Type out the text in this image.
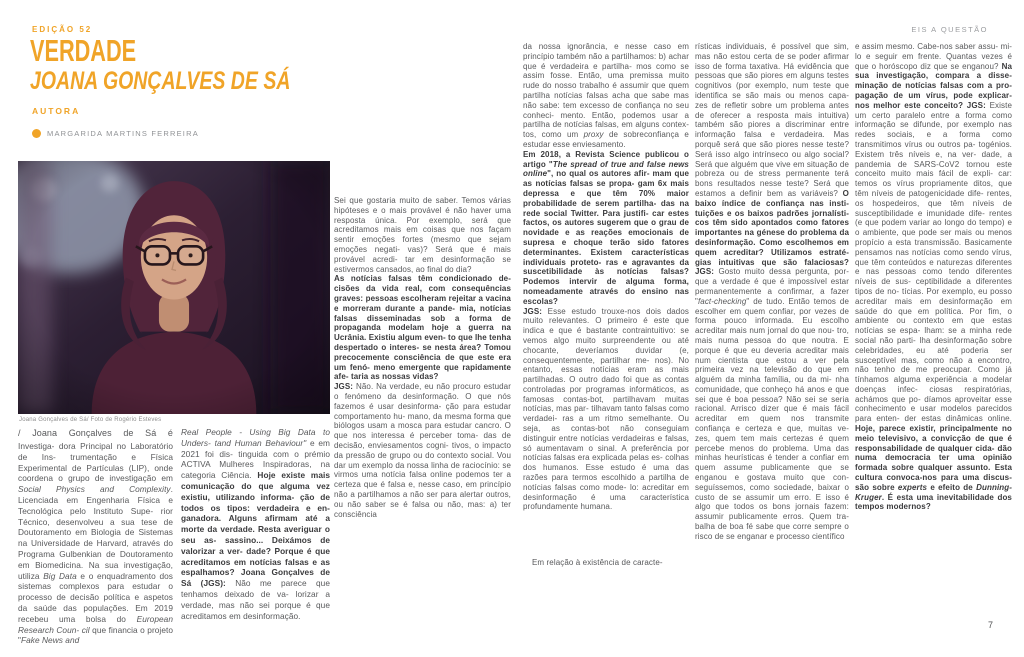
EDIÇÃO 52
VERDADE
JOANA GONÇALVES DE SÁ
AUTORA
MARGARIDA MARTINS FERREIRA
EIS A QUESTÃO
Joana Gonçalves de Sá/ Foto de Rogério Esteves

/ Joana Gonçalves de Sá é

Investiga- dora Principal no Laboratório de Ins- trumentação e Física Experimental de Partículas (LIP), onde coordena o grupo de investigação em Social Physics and Complexity. Licenciada em Engenharia Física e Tecnológica pelo Instituto Supe- rior Técnico, desenvolveu a sua tese de Doutoramento em Biologia de Sistemas na Universidade de Harvard, através do Programa Gulbenkian de Doutoramento em Biomedicina. Na sua investigação, utiliza Big Data e o enquadramento dos sistemas complexos para estudar o processo de decisão política e aspetos da saúde das populações. Em 2019 recebeu uma bolsa do European Research Coun- cil que financia o projeto "Fake News and

Real People - Using Big Data to Unders- tand Human Behaviour" e em 2021 foi dis- tinguida com o prémio ACTIVA Mulheres Inspiradoras, na categoria Ciência. Hoje existe mais comunicação do que alguma vez existiu, utilizando informa- ção de todos os tipos: verdadeira e en- ganadora. Alguns afirmam até a morte da verdade. Resta averiguar o seu as- sassino... Deixámos de valorizar a ver- dade? Porque é que acreditamos em notícias falsas e as espalhamos? Joana Gonçalves de Sá (JGS): Não me parece que tenhamos deixado de va- lorizar a verdade, mas não sei porque é que acreditamos em desinformação.

Sei que gostaria muito de saber. Temos várias hipóteses e o mais provável é não haver uma resposta única. Por exemplo, será que acreditamos mais em coisas que nos façam sentir emoções fortes (mesmo que sejam emoções negati- vas)? Será que é mais provável acredi- tar em desinformação se estivermos cansados, ao final do dia?

As notícias falsas têm condicionado de- cisões da vida real, com consequências graves: pessoas escolheram rejeitar a vacina e morreram durante a pande- mia, notícias falsas disseminadas sob a forma de propaganda modelam hoje a guerra na Ucrânia. Existiu algum even- to que lhe tenha despertado o interes- se nesta área? Tomou precocemente consciência de que este era um fenó- meno emergente que rapidamente afe- taria as nossas vidas?

JGS: Não. Na verdade, eu não procuro estudar o fenómeno da desinformação. O que nós fazemos é usar desinforma- ção para estudar comportamento hu- mano, da mesma forma que biólogos usam a mosca para estudar cancro. O que nos interessa é perceber toma- das de decisão, enviesamentos cogni- tivos, o impacto da pressão de grupo ou do contexto social. Vou dar um exemplo da nossa linha de raciocínio: se virmos uma notícia falsa online podemos ter a certeza que é falsa e, nesse caso, em princípio não a partilhamos a não ser para alertar outros, ou não saber se é falsa ou não, mas: a) ter consciência

da nossa ignorância, e nesse caso em princípio também não a partilhamos: b) achar que é verdadeira e partilha- mos como se assim fosse. Então, uma premissa muito rude do nosso trabalho é assumir que quem partilha notícias falsas acha que sabe mas não sabe: tem excesso de confiança no seu conheci- mento. Então, podemos usar a partilha de notícias falsas, em alguns contex- tos, como um proxy de sobreconfiança e estudar esse enviesamento.

Em 2018, a Revista Science publicou o artigo "The spread of true and false news online", no qual os autores afir- mam que as notícias falsas se propa- gam 6x mais depressa e que têm 70% maior probabilidade de serem partilha- das na rede social Twitter. Para justifi- car estes factos, os autores sugerem que o grau de novidade e as reações emocionais de supresa e choque terão sido fatores determinantes. Existem características individuais proteto- ras e agravantes da suscetibilidade às notícias falsas? Podemos intervir de alguma forma, nomeadamente através do ensino nas escolas?

JGS: Esse estudo trouxe-nos dois dados muito relevantes. O primeiro é este que indica e que é bastante contraintuitivo: se vemos algo muito surpreendente ou até chocante, deveríamos duvidar (e, consequentemente, partilhar me- nos). No entanto, essas notícias eram as mais partilhadas. O outro dado foi que as contas controladas por programas informáticos, as famosas contas-bot, partilhavam muitas notícias, mas par- tilhavam tanto falsas como verdadei- ras a um ritmo semelhante. Ou seja, as contas-bot não conseguiam distinguir entre notícias verdadeiras e falsas, só aumentavam o sinal. A preferência por notícias falsas era explicada pelas es- colhas dos humanos. Esse estudo é uma das razões para termos escolhido a partilha de notícias falsas como mode- lo: acreditar em desinformação é uma característica profundamente humana.

Em relação à existência de caracte-

rísticas individuais, é possível que sim, mas não estou certa de se poder afirmar isso de forma taxativa. Há evidência que pessoas que são piores em alguns testes cognitivos (por exemplo, num teste que identifica se são mais ou menos capa- zes de refletir sobre um problema antes de oferecer a resposta mais intuitiva) também são piores a discriminar entre informação falsa e verdadeira. Mas porquê será que são piores nesse teste? Será isso algo intrínseco ou algo social? Será que alguém que vive em situação de pobreza ou de stress permanente terá bons resultados nesse teste? Será que estamos a definir bem as variáveis? O baixo índice de confiança nas insti- tuições e os baixos padrões jornalísti- cos têm sido apontados como fatores importantes na génese do problema da desinformação. Como escolhemos em quem acreditar? Utilizamos estraté- gias intuitivas que são falaciosas? JGS: Gosto muito dessa pergunta, por- que a verdade é que é impossível estar permanentemente a confirmar, a fazer "fact-checking" de tudo. Então temos de escolher em quem confiar, por vezes de forma pouco informada. Eu escolho acreditar mais num jornal do que nou- tro, mais numa pessoa do que noutra. E porque é que eu deveria acreditar mais num cientista que estou a ver pela primeira vez na televisão do que em alguém da minha família, ou da mi- nha comunidade, que conheço há anos e que sei que é boa pessoa? Não sei se seria racional. Arrisco dizer que é mais fácil acreditar em quem nos transmite confiança e certeza e que, muitas ve- zes, quem tem mais certezas é quem percebe menos do problema. Uma das minhas heurísticas é tender a confiar em quem assume publicamente que se enganou e gostava muito que con- seguíssemos, como sociedade, baixar o custo de se assumir um erro. E isso é algo que todos os bons jornais fazem: assumir publicamente erros. Quem tra- balha de boa fé sabe que corre sempre o risco de se enganar e processo científico

e assim mesmo. Cabe-nos saber assu- mi-lo e seguir em frente. Quantas vezes é que o horóscopo diz que se enganou? Na sua investigação, compara a disse- minação de notícias falsas com a pro- pagação de um vírus, pode explicar- nos melhor este conceito? JGS: Existe um certo paralelo entre a forma como informação se difunde, por exemplo nas redes sociais, e a forma como transmitimos vírus ou outros pa- togénios. Existem três níveis e, na ver- dade, a pandemia de SARS-CoV2 tornou este conceito muito mais fácil de expli- car: temos os vírus propriamente ditos, que têm níveis de patogenicidade dife- rentes, os hospedeiros, que têm níveis de susceptibilidade e imunidade dife- rentes (e que podem variar ao longo do tempo) e o ambiente, que pode ser mais ou menos propício a esta transmissão. Basicamente pensamos nas notícias como sendo vírus, que têm conteúdos e naturezas diferentes e nas pessoas como tendo diferentes níveis de sus- ceptibilidade a diferentes tipos de no- tícias. Por exemplo, eu posso acreditar mais em desinformação em saúde do que em política. Por fim, o ambiente ou contexto em que estas notícias se espa- lham: se a minha rede social não parti- lha desinformação sobre celebridades, eu até poderia ser susceptível mas, como não a encontro, não tenho de me preocupar. Como já tínhamos alguma experiência a modelar doenças infec- ciosas respiratórias, achámos que po- díamos aproveitar esse conhecimento e usar modelos parecidos para enten- der estas dinâmicas online. Hoje, parece existir, principalmente no meio televisivo, a convicção de que é responsabilidade de qualquer cida- dão numa democracia ter uma opinião formada sobre qualquer assunto. Esta cultura convoca-nos para uma discus- são sobre experts e efeito de Dunning-Kruger. É esta uma inevitabilidade dos tempos modernos?

7
